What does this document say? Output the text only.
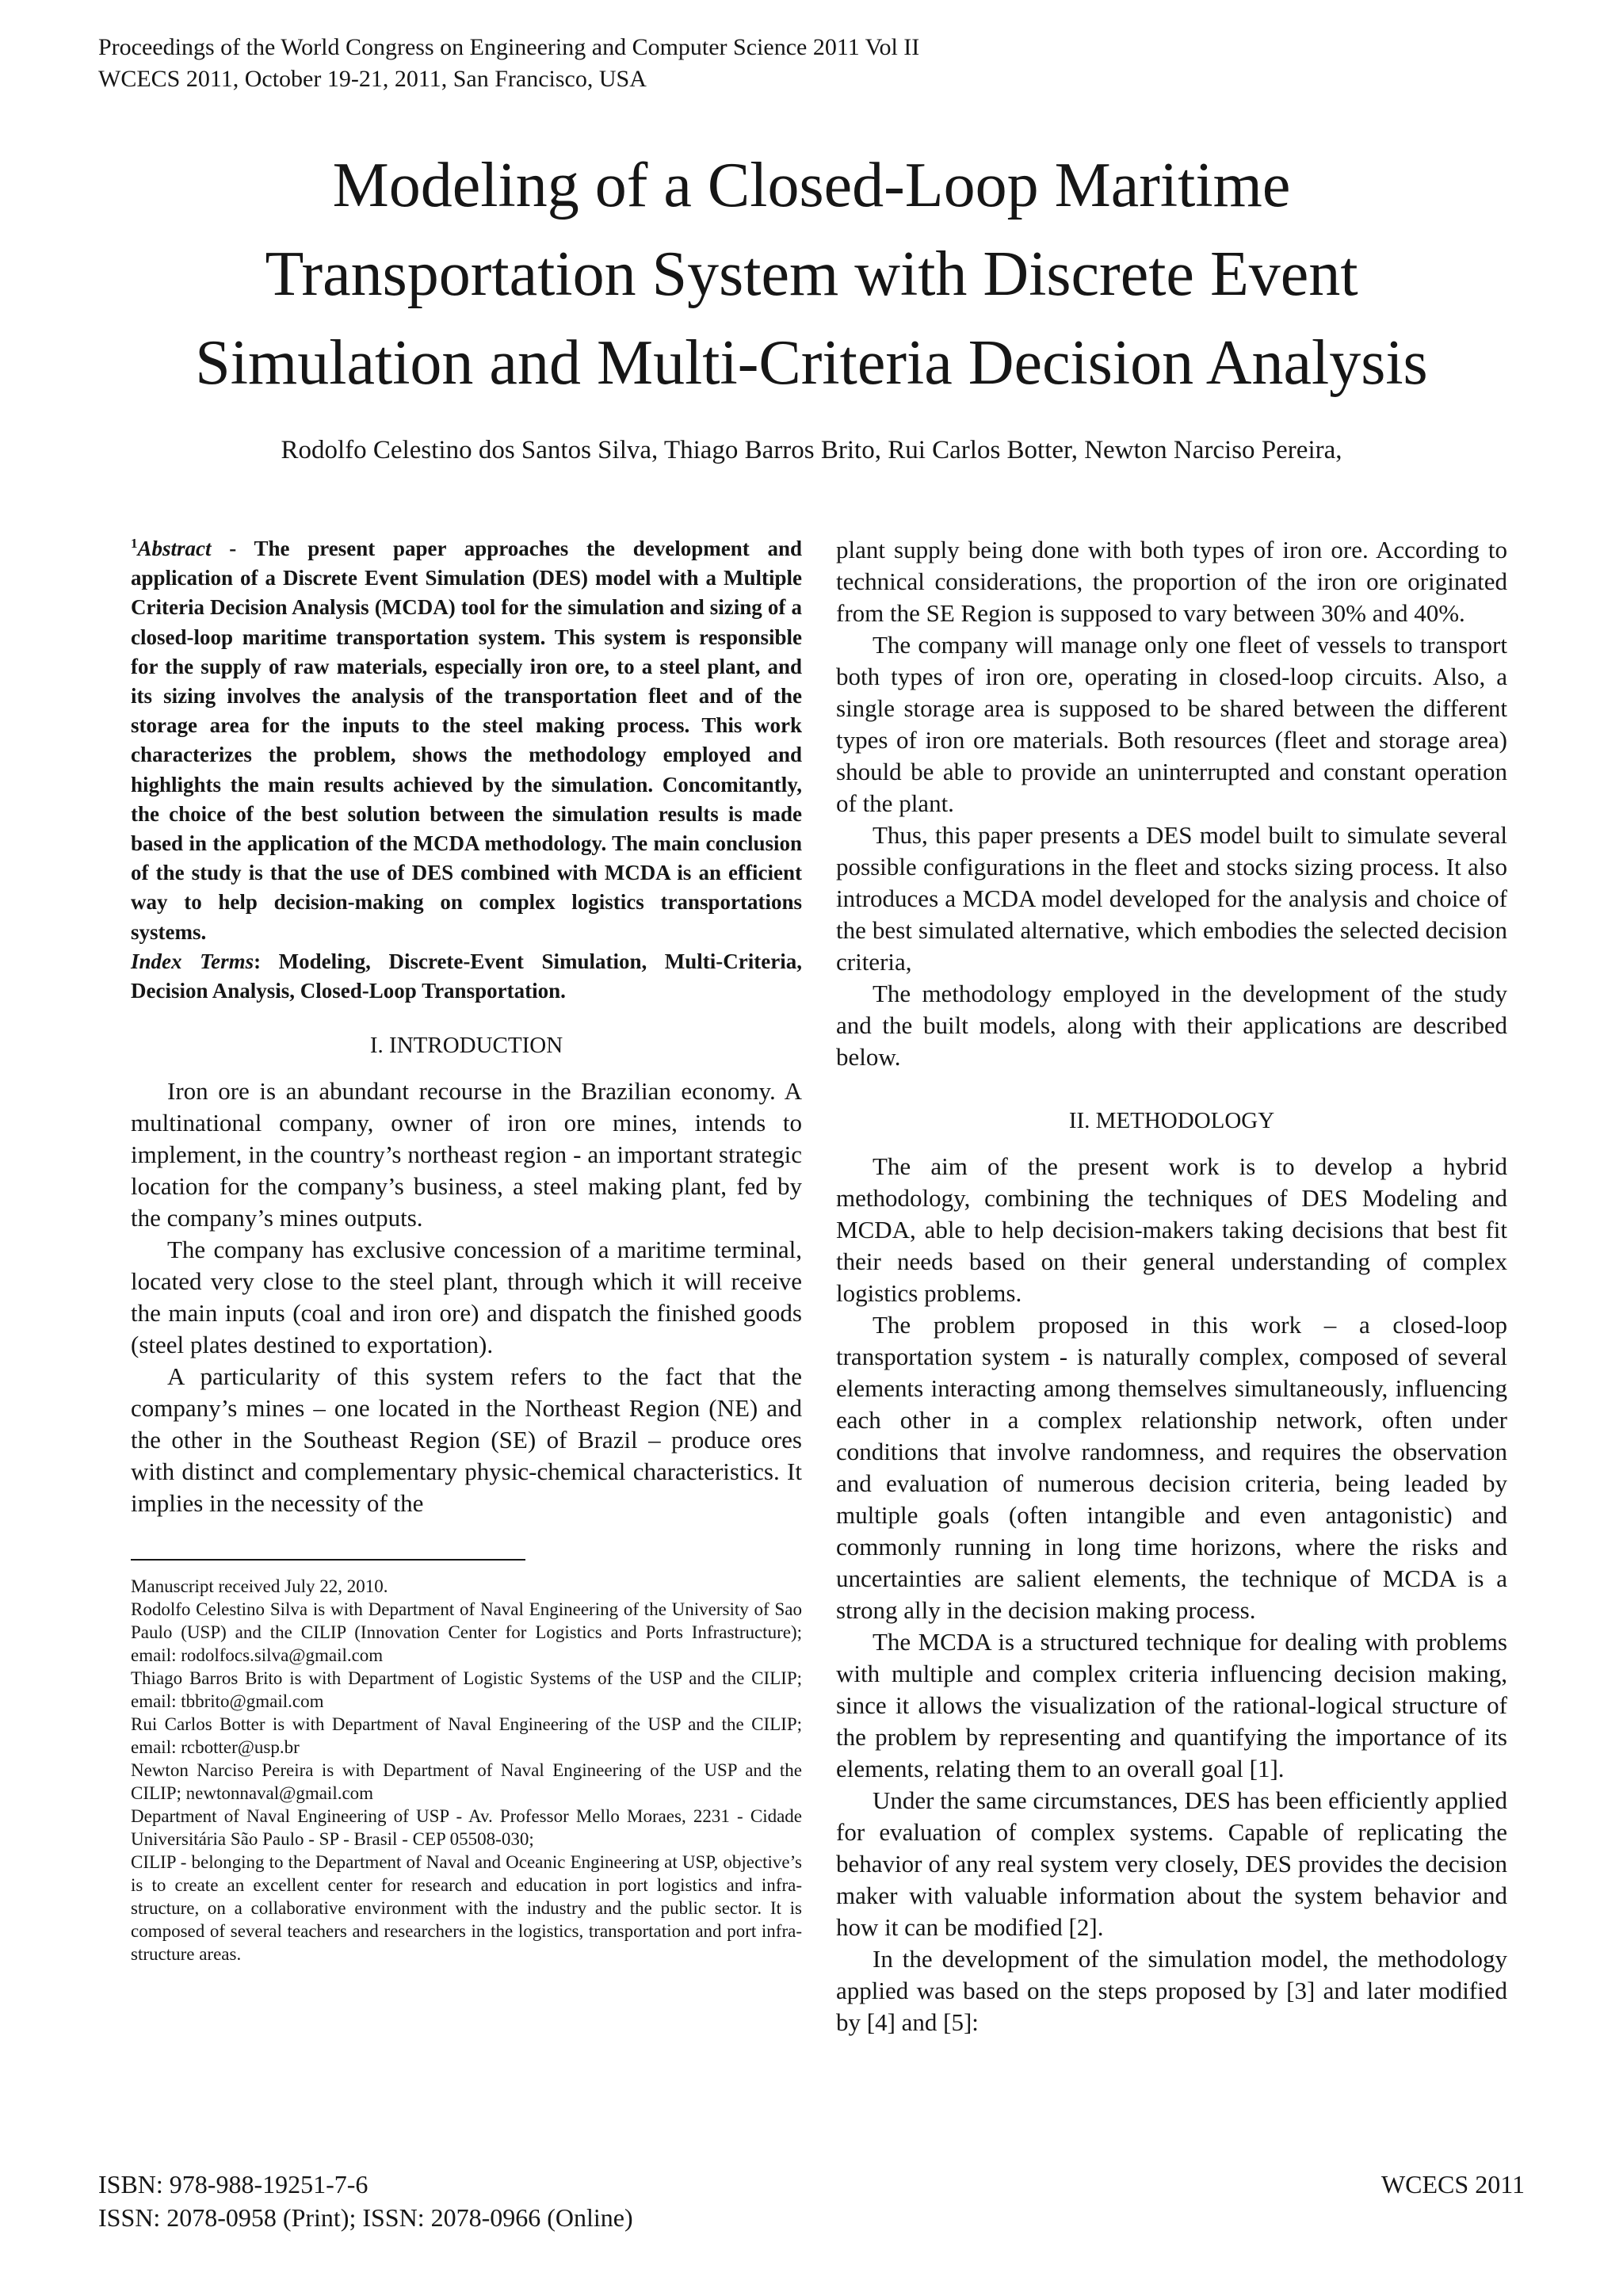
Proceedings of the World Congress on Engineering and Computer Science 2011 Vol II
WCECS 2011, October 19-21, 2011, San Francisco, USA
Modeling of a Closed-Loop Maritime
Transportation System with Discrete Event
Simulation and Multi-Criteria Decision Analysis
Rodolfo Celestino dos Santos Silva, Thiago Barros Brito, Rui Carlos Botter, Newton Narciso Pereira,

$^1$Abstract - The present paper approaches the development and application of a Discrete Event Simulation (DES) model with a Multiple Criteria Decision Analysis (MCDA) tool for the simulation and sizing of a closed-loop maritime transportation system. This system is responsible for the supply of raw materials, especially iron ore, to a steel plant, and its sizing involves the analysis of the transportation fleet and of the storage area for the inputs to the steel making process. This work characterizes the problem, shows the methodology employed and highlights the main results achieved by the simulation. Concomitantly, the choice of the best solution between the simulation results is made based in the application of the MCDA methodology. The main conclusion of the study is that the use of DES combined with MCDA is an efficient way to help decision-making on complex logistics transportations systems.

Index Terms: Modeling, Discrete-Event Simulation, Multi-Criteria, Decision Analysis, Closed-Loop Transportation.

I. INTRODUCTION

Iron ore is an abundant recourse in the Brazilian economy. A multinational company, owner of iron ore mines, intends to implement, in the country’s northeast region - an important strategic location for the company’s business, a steel making plant, fed by the company’s mines outputs.

The company has exclusive concession of a maritime terminal, located very close to the steel plant, through which it will receive the main inputs (coal and iron ore) and dispatch the finished goods (steel plates destined to exportation).

A particularity of this system refers to the fact that the company’s mines – one located in the Northeast Region (NE) and the other in the Southeast Region (SE) of Brazil – produce ores with distinct and complementary physic-chemical characteristics. It implies in the necessity of the

Manuscript received July 22, 2010.

Rodolfo Celestino Silva is with Department of Naval Engineering of the University of Sao Paulo (USP) and the CILIP (Innovation Center for Logistics and Ports Infrastructure); email: rodolfocs.silva@gmail.com

Thiago Barros Brito is with Department of Logistic Systems of the USP and the CILIP; email: tbbrito@gmail.com

Rui Carlos Botter is with Department of Naval Engineering of the USP and the CILIP; email: rcbotter@usp.br

Newton Narciso Pereira is with Department of Naval Engineering of the USP and the CILIP; newtonnaval@gmail.com

Department of Naval Engineering of USP - Av. Professor Mello Moraes, 2231 - Cidade Universitária São Paulo - SP - Brasil - CEP 05508-030;

CILIP - belonging to the Department of Naval and Oceanic Engineering at USP, objective’s is to create an excellent center for research and education in port logistics and infra-structure, on a collaborative environment with the industry and the public sector. It is composed of several teachers and researchers in the logistics, transportation and port infra-structure areas.

plant supply being done with both types of iron ore. According to technical considerations, the proportion of the iron ore originated from the SE Region is supposed to vary between 30% and 40%.

The company will manage only one fleet of vessels to transport both types of iron ore, operating in closed-loop circuits. Also, a single storage area is supposed to be shared between the different types of iron ore materials. Both resources (fleet and storage area) should be able to provide an uninterrupted and constant operation of the plant.

Thus, this paper presents a DES model built to simulate several possible configurations in the fleet and stocks sizing process. It also introduces a MCDA model developed for the analysis and choice of the best simulated alternative, which embodies the selected decision criteria,

The methodology employed in the development of the study and the built models, along with their applications are described below.

II. METHODOLOGY

The aim of the present work is to develop a hybrid methodology, combining the techniques of DES Modeling and MCDA, able to help decision-makers taking decisions that best fit their needs based on their general understanding of complex logistics problems.

The problem proposed in this work – a closed-loop transportation system - is naturally complex, composed of several elements interacting among themselves simultaneously, influencing each other in a complex relationship network, often under conditions that involve randomness, and requires the observation and evaluation of numerous decision criteria, being leaded by multiple goals (often intangible and even antagonistic) and commonly running in long time horizons, where the risks and uncertainties are salient elements, the technique of MCDA is a strong ally in the decision making process.

The MCDA is a structured technique for dealing with problems with multiple and complex criteria influencing decision making, since it allows the visualization of the rational-logical structure of the problem by representing and quantifying the importance of its elements, relating them to an overall goal [1].

Under the same circumstances, DES has been efficiently applied for evaluation of complex systems. Capable of replicating the behavior of any real system very closely, DES provides the decision maker with valuable information about the system behavior and how it can be modified [2].

In the development of the simulation model, the methodology applied was based on the steps proposed by [3] and later modified by [4] and [5]:

ISBN: 978-988-19251-7-6
ISSN: 2078-0958 (Print); ISSN: 2078-0966 (Online)
WCECS 2011
